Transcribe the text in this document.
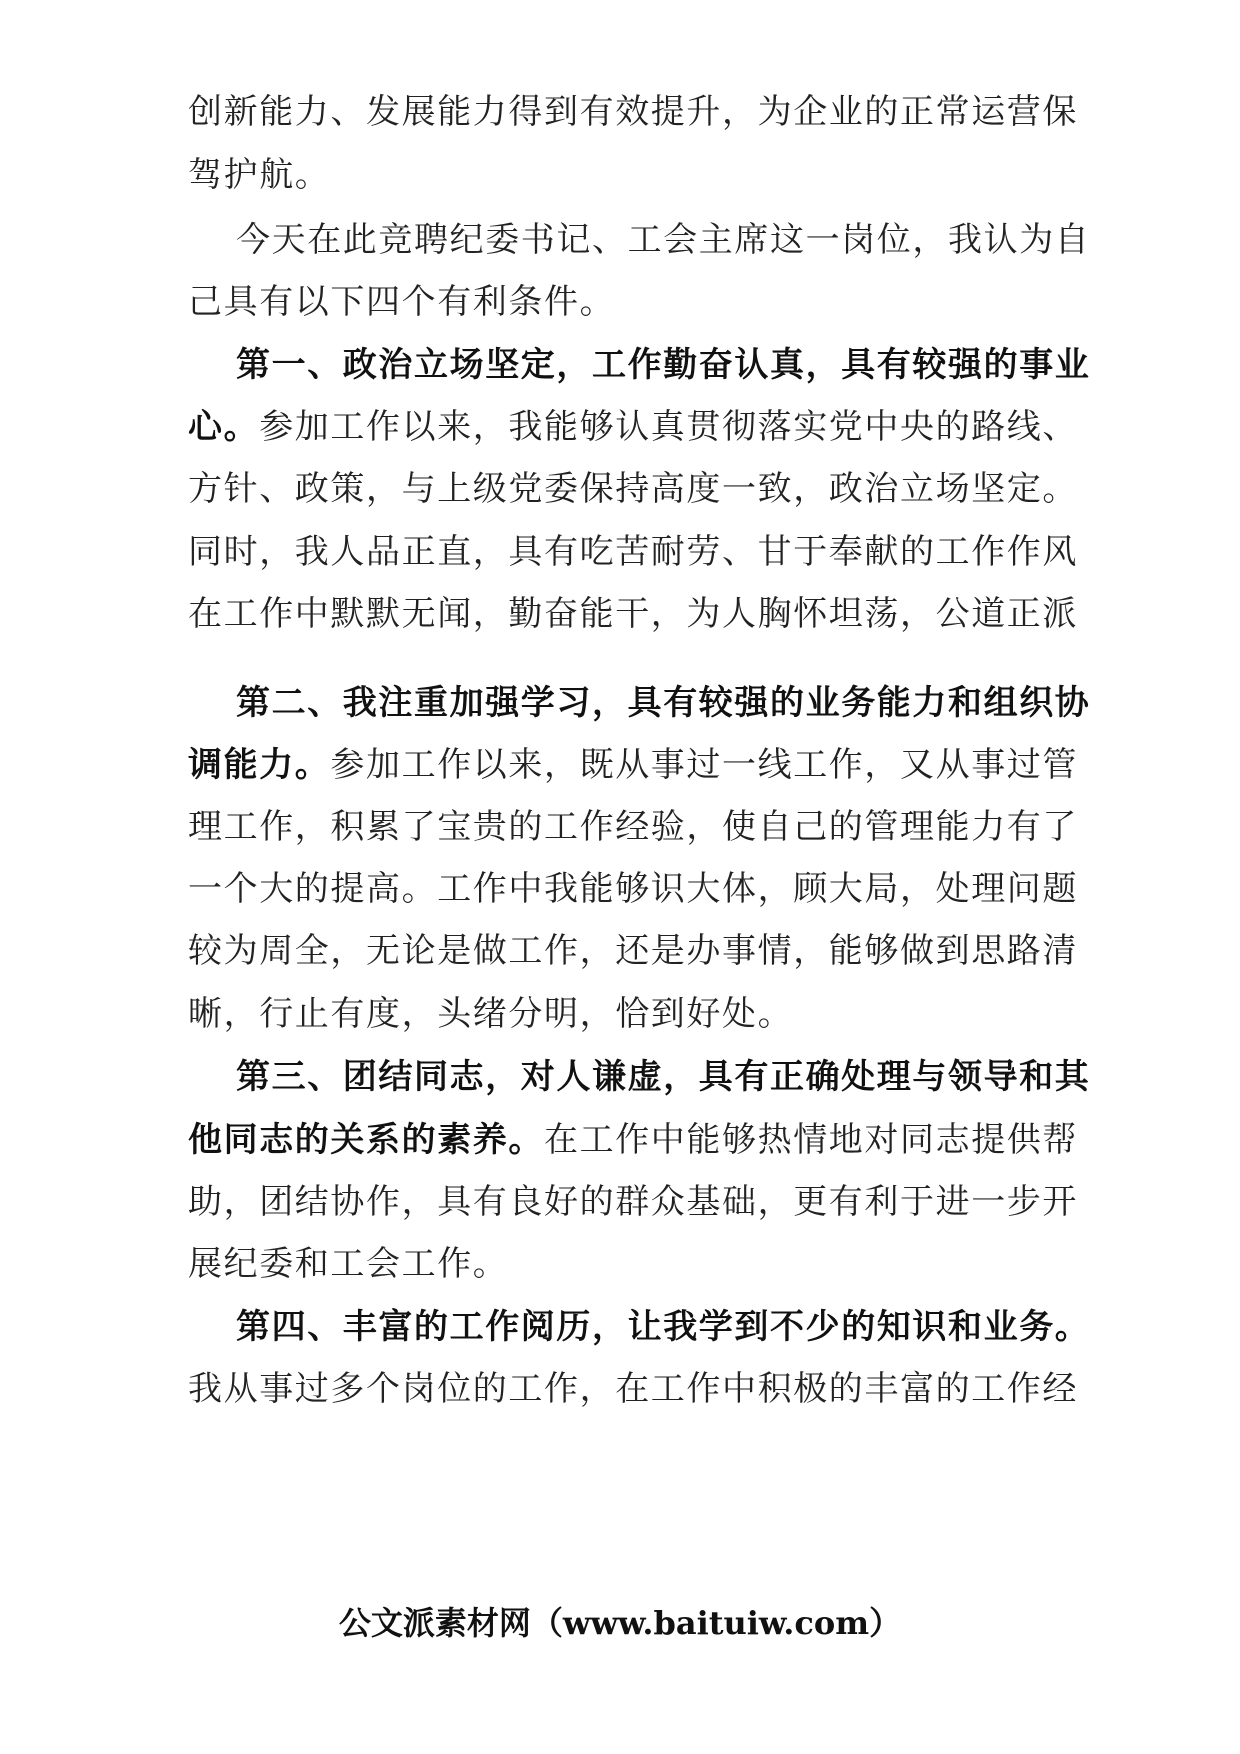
创新能力、发展能力得到有效提升，为企业的正常运营保
驾护航。
今天在此竞聘纪委书记、工会主席这一岗位，我认为自
己具有以下四个有利条件。
第一、政治立场坚定，工作勤奋认真，具有较强的事业
心。参加工作以来，我能够认真贯彻落实党中央的路线、
方针、政策，与上级党委保持高度一致，政治立场坚定。
同时，我人品正直，具有吃苦耐劳、甘于奉献的工作作风
在工作中默默无闻，勤奋能干，为人胸怀坦荡，公道正派
第二、我注重加强学习，具有较强的业务能力和组织协
调能力。参加工作以来，既从事过一线工作，又从事过管
理工作，积累了宝贵的工作经验，使自己的管理能力有了
一个大的提高。工作中我能够识大体，顾大局，处理问题
较为周全，无论是做工作，还是办事情，能够做到思路清
晰，行止有度，头绪分明，恰到好处。
第三、团结同志，对人谦虚，具有正确处理与领导和其
他同志的关系的素养。在工作中能够热情地对同志提供帮
助，团结协作，具有良好的群众基础，更有利于进一步开
展纪委和工会工作。
第四、丰富的工作阅历，让我学到不少的知识和业务。
我从事过多个岗位的工作，在工作中积极的丰富的工作经
公文派素材网（www.baituiw.com）
